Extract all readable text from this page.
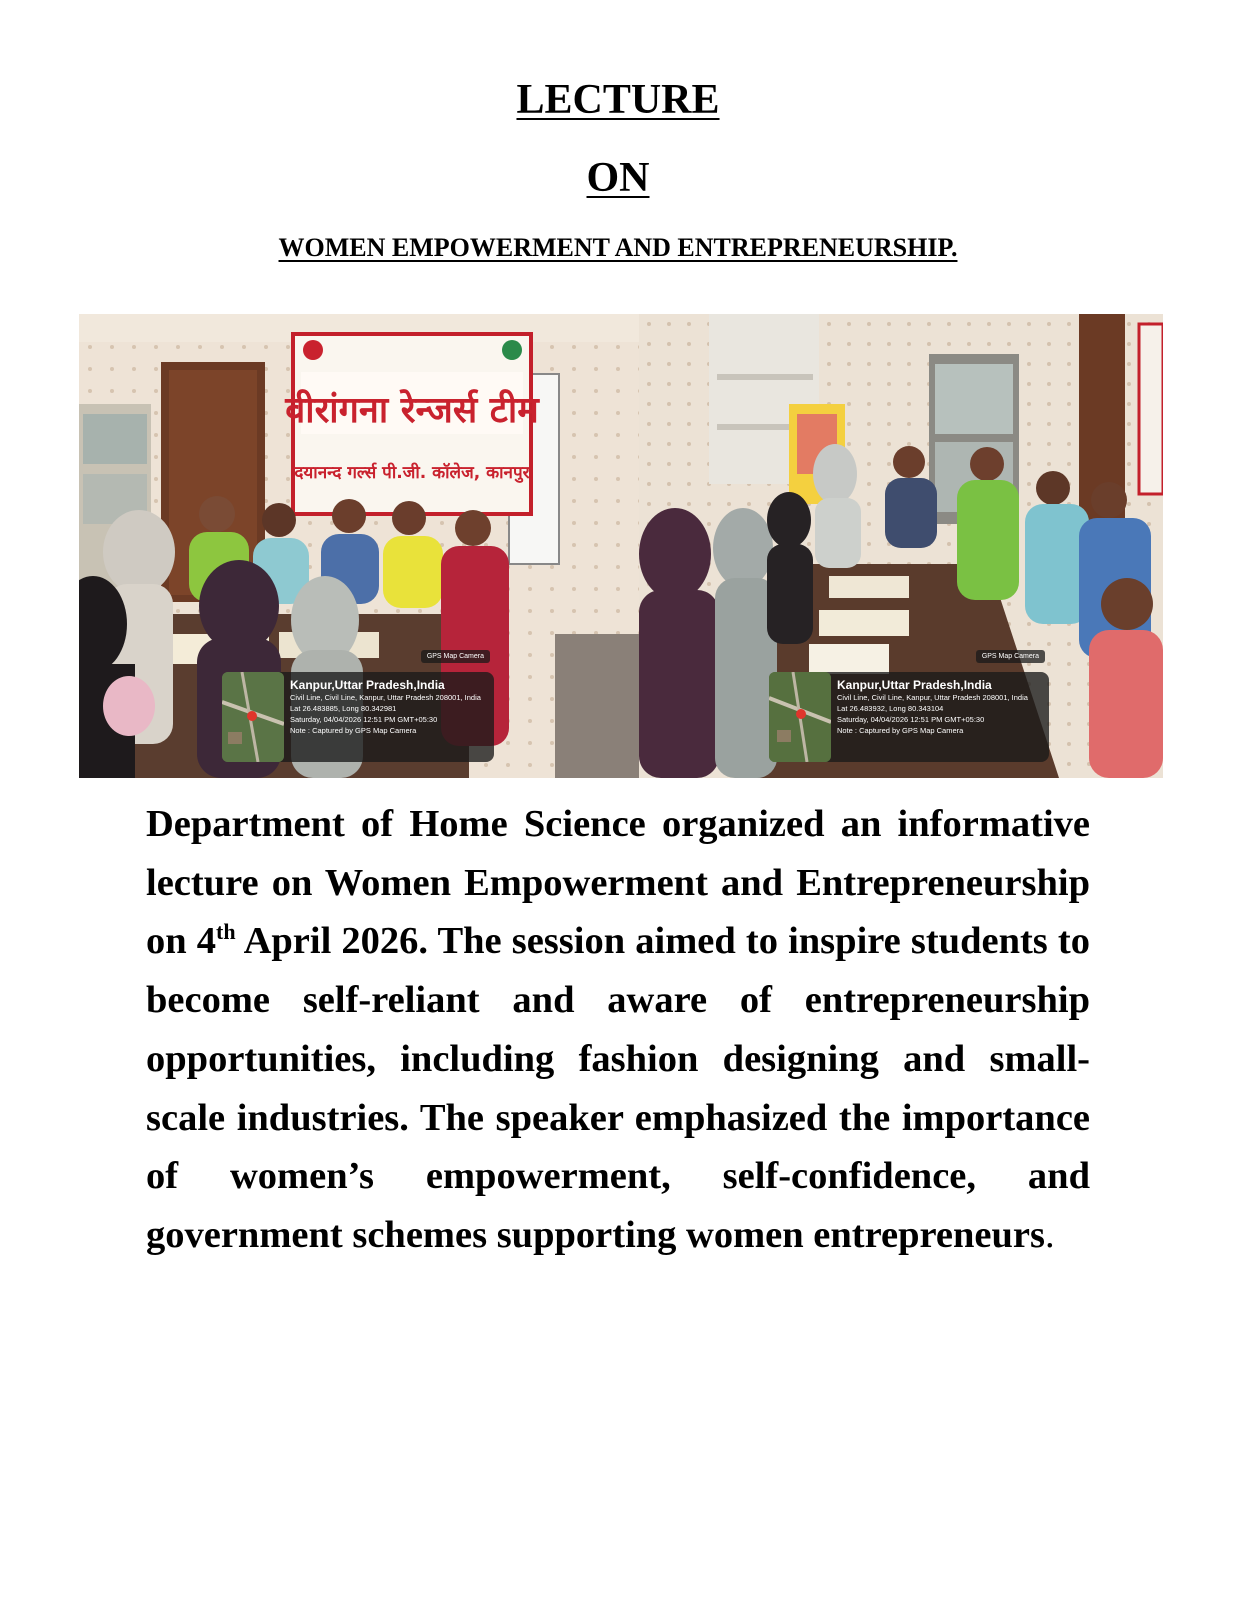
LECTURE
ON
WOMEN EMPOWERMENT AND ENTREPRENEURSHIP.
वीरांगना रेन्जर्स टीम
दयानन्द गर्ल्स पी.जी. कॉलेज, कानपुर
GPS Map Camera
Kanpur,Uttar Pradesh,India
Civil Line, Civil Line, Kanpur, Uttar Pradesh 208001, India
Lat 26.483885, Long 80.342981
Saturday, 04/04/2026 12:51 PM GMT+05:30
Note : Captured by GPS Map Camera
GPS Map Camera
Kanpur,Uttar Pradesh,India
Civil Line, Civil Line, Kanpur, Uttar Pradesh 208001, India
Lat 26.483932, Long 80.343104
Saturday, 04/04/2026 12:51 PM GMT+05:30
Note : Captured by GPS Map Camera

Department of Home Science organized an informative lecture on Women Empowerment and Entrepreneurship on 4th April 2026. The session aimed to inspire students to become self-reliant and aware of entrepreneurship opportunities, including fashion designing and small-scale industries. The speaker emphasized the importance of women’s empowerment, self-confidence, and government schemes supporting women entrepreneurs.
